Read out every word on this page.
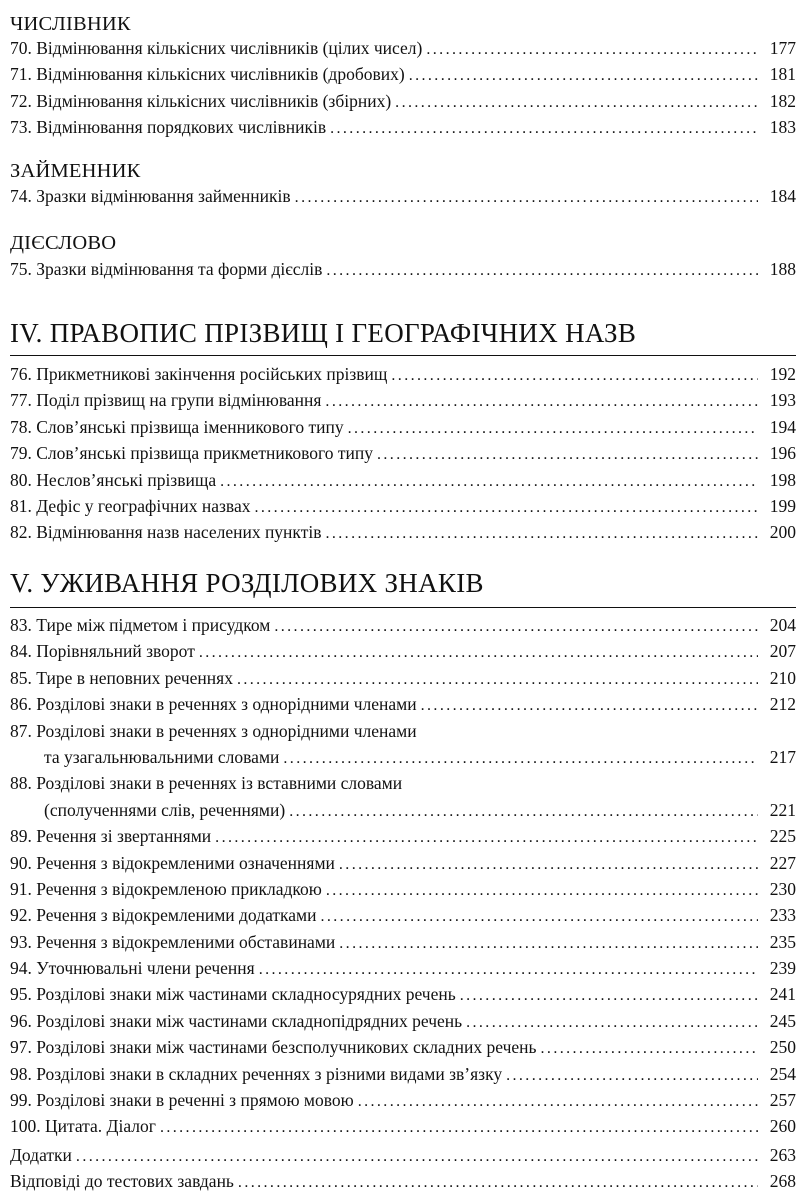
ЧИСЛІВНИК
70. Відмінювання кількісних числівників (цілих чисел) .....	177
71. Відмінювання кількісних числівників (дробових) .....	181
72. Відмінювання кількісних числівників (збірних) .....	182
73. Відмінювання порядкових числівників .....	183
ЗАЙМЕННИК
74. Зразки відмінювання займенників .....	184
ДІЄСЛОВО
75. Зразки відмінювання та форми дієслів .....	188
IV. ПРАВОПИС ПРІЗВИЩ І ГЕОГРАФІЧНИХ НАЗВ
76. Прикметникові закінчення російських прізвищ .....	192
77. Поділ прізвищ на групи відмінювання .....	193
78. Слов’янські прізвища іменникового типу .....	194
79. Слов’янські прізвища прикметникового типу .....	196
80. Неслов’янські прізвища .....	198
81. Дефіс у географічних назвах .....	199
82. Відмінювання назв населених пунктів .....	200
V. УЖИВАННЯ РОЗДІЛОВИХ ЗНАКІВ
83. Тире між підметом і присудком .....	204
84. Порівняльний зворот .....	207
85. Тире в неповних реченнях .....	210
86. Розділові знаки в реченнях з однорідними членами .....	212
87. Розділові знаки в реченнях з однорідними членами
та узагальнювальними словами .....	217
88. Розділові знаки в реченнях із вставними словами
(сполученнями слів, реченнями) .....	221
89. Речення зі звертаннями .....	225
90. Речення з відокремленими означеннями .....	227
91. Речення з відокремленою прикладкою .....	230
92. Речення з відокремленими додатками .....	233
93. Речення з відокремленими обставинами .....	235
94. Уточнювальні члени речення .....	239
95. Розділові знаки між частинами складносурядних речень .....	241
96. Розділові знаки між частинами складнопідрядних речень .....	245
97. Розділові знаки між частинами безсполучникових складних речень .....	250
98. Розділові знаки в складних реченнях з різними видами зв’язку .....	254
99. Розділові знаки в реченні з прямою мовою .....	257
100. Цитата. Діалог .....	260
Додатки .....	263
Відповіді до тестових завдань .....	268
